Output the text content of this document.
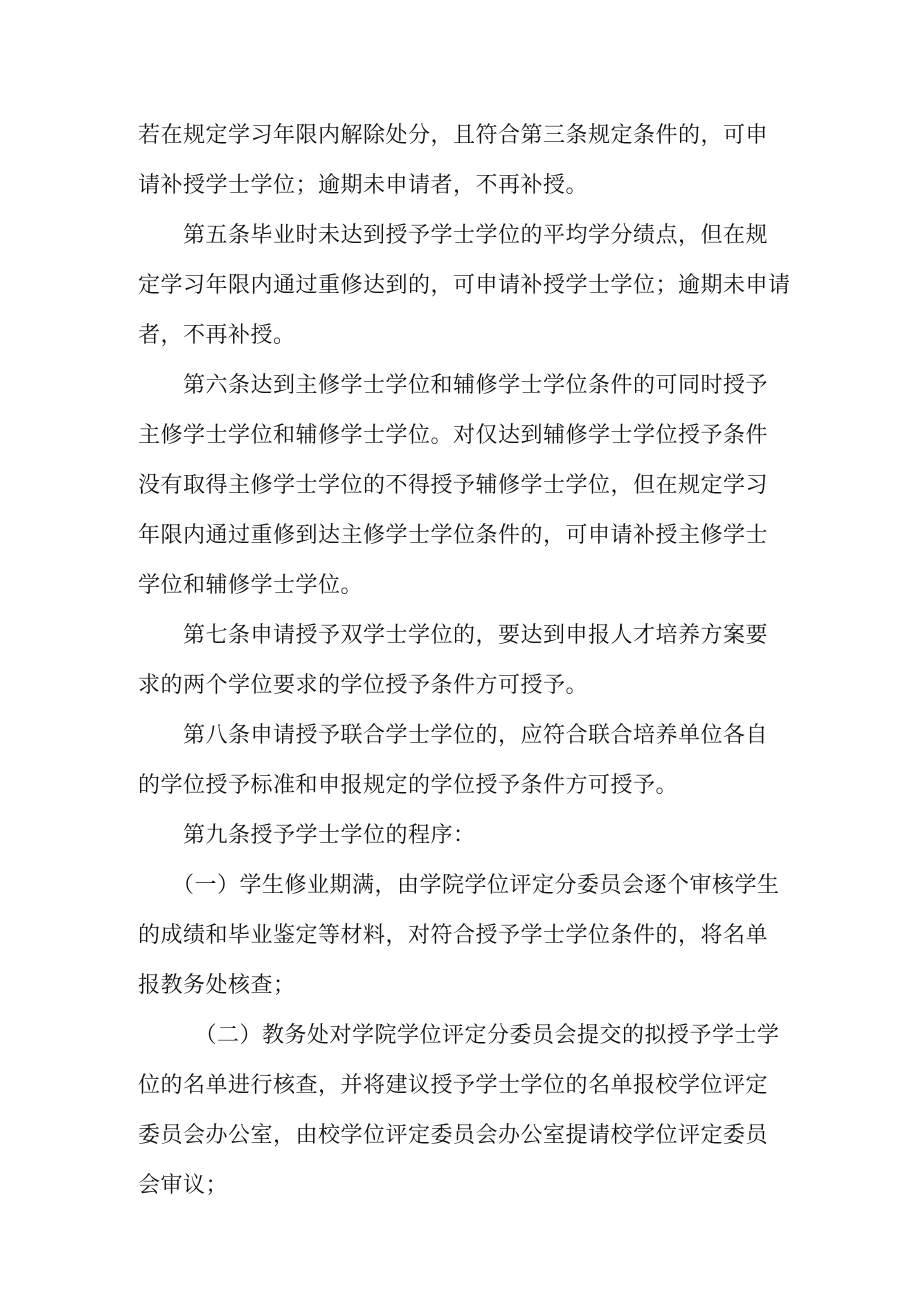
若在规定学习年限内解除处分，且符合第三条规定条件的，可申
请补授学士学位；逾期未申请者，不再补授。
　　第五条毕业时未达到授予学士学位的平均学分绩点，但在规
定学习年限内通过重修达到的，可申请补授学士学位；逾期未申请
者，不再补授。
　　第六条达到主修学士学位和辅修学士学位条件的可同时授予
主修学士学位和辅修学士学位。对仅达到辅修学士学位授予条件
没有取得主修学士学位的不得授予辅修学士学位，但在规定学习
年限内通过重修到达主修学士学位条件的，可申请补授主修学士
学位和辅修学士学位。
　　第七条申请授予双学士学位的，要达到申报人才培养方案要
求的两个学位要求的学位授予条件方可授予。
　　第八条申请授予联合学士学位的，应符合联合培养单位各自
的学位授予标准和申报规定的学位授予条件方可授予。
　　第九条授予学士学位的程序：
　　（一）学生修业期满，由学院学位评定分委员会逐个审核学生
的成绩和毕业鉴定等材料，对符合授予学士学位条件的，将名单
报教务处核查；
　　　（二）教务处对学院学位评定分委员会提交的拟授予学士学
位的名单进行核查，并将建议授予学士学位的名单报校学位评定
委员会办公室，由校学位评定委员会办公室提请校学位评定委员
会审议；
